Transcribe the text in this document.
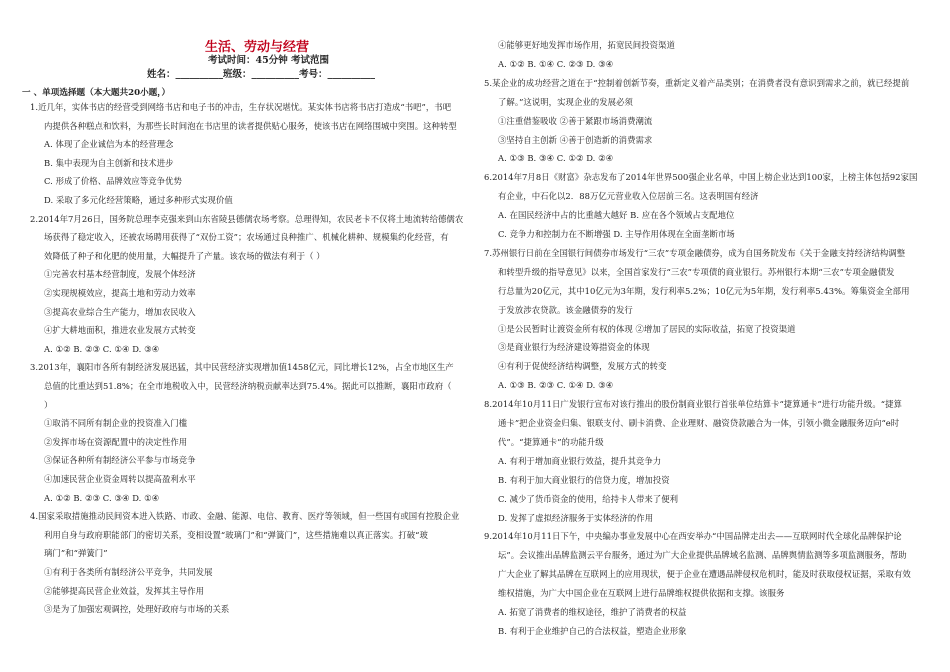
生活、劳动与经营
考试时间：45分钟 考试范围
姓名：__________班级：__________考号：__________
一 、单项选择题（本大题共20小题，）
1.近几年，实体书店的经营受到网络书店和电子书的冲击，生存状况堪忧。某实体书店将书店打造成“书吧”，书吧
内提供各种糕点和饮料，为那些长时间泡在书店里的读者提供贴心服务，使该书店在网络围城中突围。这种转型
A. 体现了企业诚信为本的经营理念
B. 集中表现为自主创新和技术进步
C. 形成了价格、品牌效应等竞争优势
D. 采取了多元化经营策略，通过多种形式实现价值
2.2014年7月26日，国务院总理李克强来到山东省陵县德儒农场考察。总理得知，农民老卡不仅将土地流转给德儒农
场获得了稳定收入，还被农场聘用获得了“双份工资”；农场通过良种推广、机械化耕种、规模集约化经营，有
效降低了种子和化肥的使用量，大幅提升了产量。该农场的做法有利于（ ）
①完善农村基本经营制度，发展个体经济
②实现规模效应，提高土地和劳动力效率
③提高农业综合生产能力，增加农民收入
④扩大耕地面积，推进农业发展方式转变
A. ①② B. ②③ C. ①④ D. ③④
3.2013年，襄阳市各所有制经济发展迅猛，其中民营经济实现增加值1458亿元，同比增长12%，占全市地区生产
总值的比重达到51.8%；在全市地税收入中，民营经济纳税贡献率达到75.4%。据此可以推断，襄阳市政府（
）
①取消不同所有制企业的投资准入门槛
②发挥市场在资源配置中的决定性作用
③保证各种所有制经济公平参与市场竞争
④加速民营企业资金周转以提高盈利水平
A. ①② B. ②③ C. ③④ D. ①④
4.国家采取措施推动民间资本进入铁路、市政、金融、能源、电信、教育、医疗等领域，但一些国有或国有控股企业
利用自身与政府职能部门的密切关系，变相设置“玻璃门”和“弹簧门”，这些措施难以真正落实。打破“玻
璃门”和“弹簧门”
①有利于各类所有制经济公平竞争，共同发展
②能够提高民营企业效益，发挥其主导作用
③是为了加强宏观调控，处理好政府与市场的关系
④能够更好地发挥市场作用，拓宽民间投资渠道
A. ①② B. ①④ C. ②③ D. ③④
5.某企业的成功经营之道在于“控制着创新节奏，重新定义着产品类别；在消费者没有意识到需求之前，就已经提前
了解。”这说明，实现企业的发展必须
①注重借鉴吸收 ②善于紧跟市场消费潮流
③坚持自主创新 ④善于创造新的消费需求
A. ①③ B. ③④ C. ①② D. ②④
6.2014年7月8日《财富》杂志发布了2014年世界500强企业名单，中国上榜企业达到100家，上榜主体包括92家国
有企业，中石化以2．88万亿元营业收入位居前三名。这表明国有经济
A. 在国民经济中占的比重越大越好 B. 应在各个领域占支配地位
C. 竞争力和控制力在不断增强 D. 主导作用体现在全面垄断市场
7.苏州银行日前在全国银行间债券市场发行“三农”专项金融债券，成为自国务院发布《关于金融支持经济结构调整
和转型升级的指导意见》以来，全国首家发行“三农”专项债的商业银行。苏州银行本期“三农”专项金融债发
行总量为20亿元，其中10亿元为3年期，发行利率5.2%；10亿元为5年期，发行利率5.43%。筹集资金全部用
于发放涉农贷款。该金融债券的发行
①是公民暂时让渡资金所有权的体现 ②增加了居民的实际收益，拓宽了投资渠道
③是商业银行为经济建设筹措资金的体现
④有利于促使经济结构调整，发展方式的转变
A. ①③ B. ②③ C. ①④ D. ③④
8.2014年10月11日广发银行宣布对该行推出的股份制商业银行首张单位结算卡“捷算通卡”进行功能升级。“捷算
通卡”把企业资金归集、银联支付、刷卡消费、企业理财、融资贷款融合为一体，引领小微金融服务迈向“e时
代”。“捷算通卡”的功能升级
A. 有利于增加商业银行效益，提升其竞争力
B. 有利于加大商业银行的信贷力度，增加投资
C. 减少了货币资金的使用，给持卡人带来了便利
D. 发挥了虚拟经济服务于实体经济的作用
9.2014年10月11日下午，中央编办事业发展中心在西安举办“中国品牌走出去——互联网时代全球化品牌保护论
坛”。会议推出品牌监测云平台服务，通过为广大企业提供品牌域名监测、品牌舆情监测等多项监测服务，帮助
广大企业了解其品牌在互联网上的应用现状，便于企业在遭遇品牌侵权危机时，能及时获取侵权证据，采取有效
维权措施，为广大中国企业在互联网上进行品牌维权提供依据和支撑。该服务
A. 拓宽了消费者的维权途径，维护了消费者的权益
B. 有利于企业维护自己的合法权益，塑造企业形象
